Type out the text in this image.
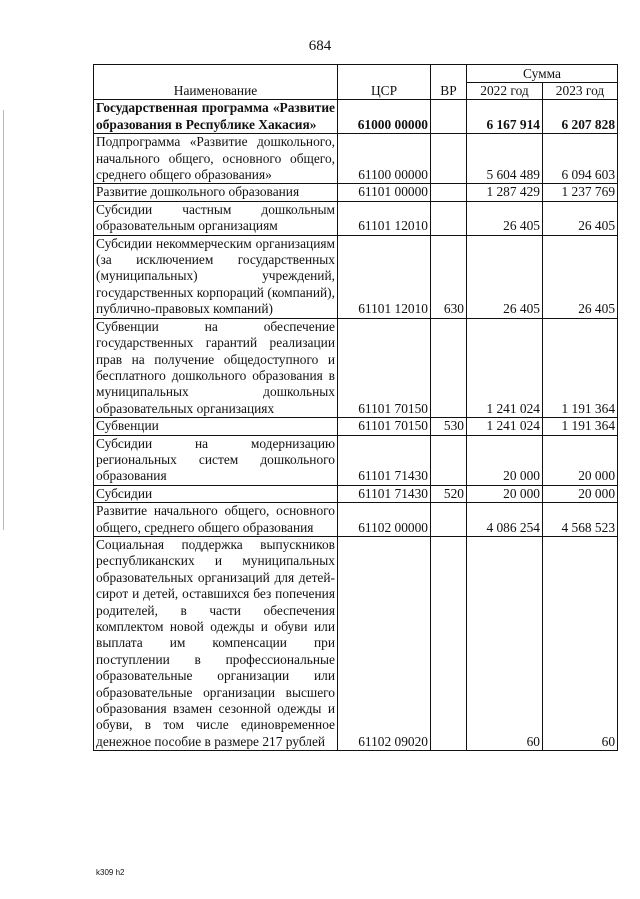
684
Наименование	ЦСР	ВР	Сумма	
			2022 год	2023 год
Государственная программа «Развитие образования в Республике Хакасия»	61000 00000		6 167 914	6 207 828
Подпрограмма «Развитие дошкольного, начального общего, основного общего, среднего общего образования»	61100 00000		5 604 489	6 094 603
Развитие дошкольного образования	61101 00000		1 287 429	1 237 769
Субсидии частным дошкольным образовательным организациям	61101 12010		26 405	26 405
Субсидии некоммерческим организациям (за исключением государственных (муниципальных) учреждений, государственных корпораций (компаний), публично-правовых компаний)	61101 12010	630	26 405	26 405
Субвенции на обеспечение государственных гарантий реализации прав на получение общедоступного и бесплатного дошкольного образования в муниципальных дошкольных образовательных организациях	61101 70150		1 241 024	1 191 364
Субвенции	61101 70150	530	1 241 024	1 191 364
Субсидии на модернизацию региональных систем дошкольного образования	61101 71430		20 000	20 000
Субсидии	61101 71430	520	20 000	20 000
Развитие начального общего, основного общего, среднего общего образования	61102 00000		4 086 254	4 568 523
Социальная поддержка выпускников республиканских и муниципальных образовательных организаций для детей-сирот и детей, оставшихся без попечения родителей, в части обеспечения комплектом новой одежды и обуви или выплата им компенсации при поступлении в профессиональные образовательные организации или образовательные организации высшего образования взамен сезонной одежды и обуви, в том числе единовременное денежное пособие в размере 217 рублей	61102 09020		60	60
k309 h2
